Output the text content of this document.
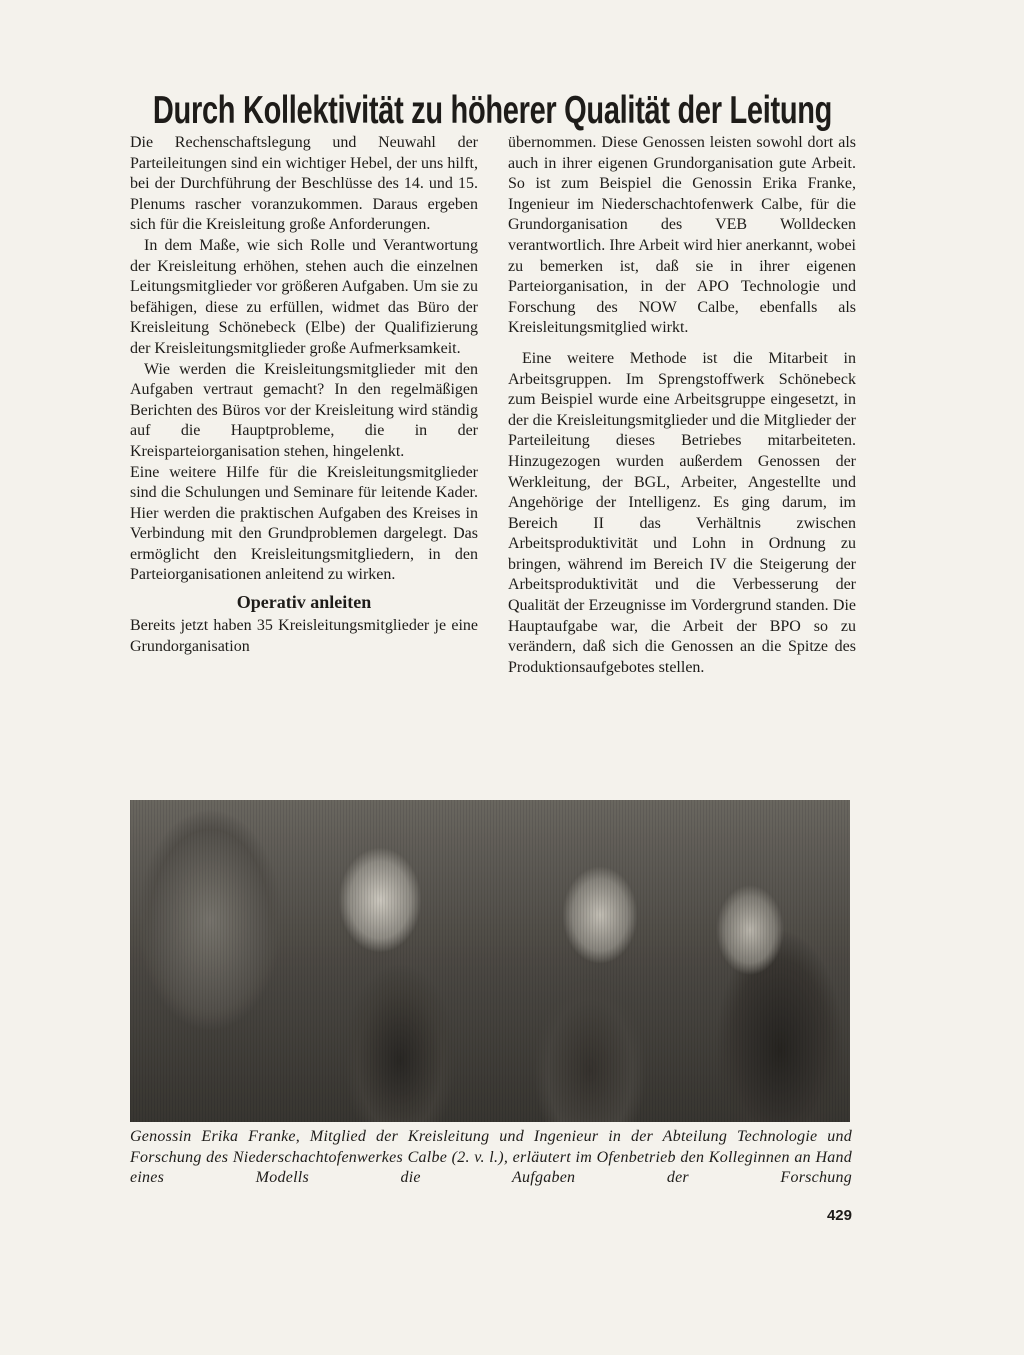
Durch Kollektivität zu höherer Qualität der Leitung

Die Rechenschaftslegung und Neuwahl der Parteileitungen sind ein wichtiger Hebel, der uns hilft, bei der Durchführung der Beschlüsse des 14. und 15. Plenums rascher voranzukommen. Daraus ergeben sich für die Kreisleitung große Anforderungen.

In dem Maße, wie sich Rolle und Verantwortung der Kreisleitung erhöhen, stehen auch die einzelnen Leitungsmitglieder vor größeren Aufgaben. Um sie zu befähigen, diese zu erfüllen, widmet das Büro der Kreisleitung Schönebeck (Elbe) der Qualifizierung der Kreisleitungsmitglieder große Aufmerksamkeit.

Wie werden die Kreisleitungsmitglieder mit den Aufgaben vertraut gemacht? In den regelmäßigen Berichten des Büros vor der Kreisleitung wird ständig auf die Hauptprobleme, die in der Kreisparteiorganisation stehen, hingelenkt.

Eine weitere Hilfe für die Kreisleitungsmitglieder sind die Schulungen und Seminare für leitende Kader. Hier werden die praktischen Aufgaben des Kreises in Verbindung mit den Grundproblemen dargelegt. Das ermöglicht den Kreisleitungsmitgliedern, in den Parteiorganisationen anleitend zu wirken.

Operativ anleiten

Bereits jetzt haben 35 Kreisleitungsmitglieder je eine Grundorganisation

übernommen. Diese Genossen leisten sowohl dort als auch in ihrer eigenen Grundorganisation gute Arbeit. So ist zum Beispiel die Genossin Erika Franke, Ingenieur im Niederschachtofenwerk Calbe, für die Grundorganisation des VEB Wolldecken verantwortlich. Ihre Arbeit wird hier anerkannt, wobei zu bemerken ist, daß sie in ihrer eigenen Parteiorganisation, in der APO Technologie und Forschung des NOW Calbe, ebenfalls als Kreisleitungsmitglied wirkt.

Eine weitere Methode ist die Mitarbeit in Arbeitsgruppen. Im Sprengstoffwerk Schönebeck zum Beispiel wurde eine Arbeitsgruppe eingesetzt, in der die Kreisleitungsmitglieder und die Mitglieder der Parteileitung dieses Betriebes mitarbeiteten. Hinzugezogen wurden außerdem Genossen der Werkleitung, der BGL, Arbeiter, Angestellte und Angehörige der Intelligenz. Es ging darum, im Bereich II das Verhältnis zwischen Arbeitsproduktivität und Lohn in Ordnung zu bringen, während im Bereich IV die Steigerung der Arbeitsproduktivität und die Verbesserung der Qualität der Erzeugnisse im Vordergrund standen. Die Hauptaufgabe war, die Arbeit der BPO so zu verändern, daß sich die Genossen an die Spitze des Produktionsaufgebotes stellen.

Genossin Erika Franke, Mitglied der Kreisleitung und Ingenieur in der Abteilung Technologie und Forschung des Niederschachtofenwerkes Calbe (2. v. l.), erläutert im Ofenbetrieb den Kolleginnen an Hand eines Modells die Aufgaben der Forschung

429
